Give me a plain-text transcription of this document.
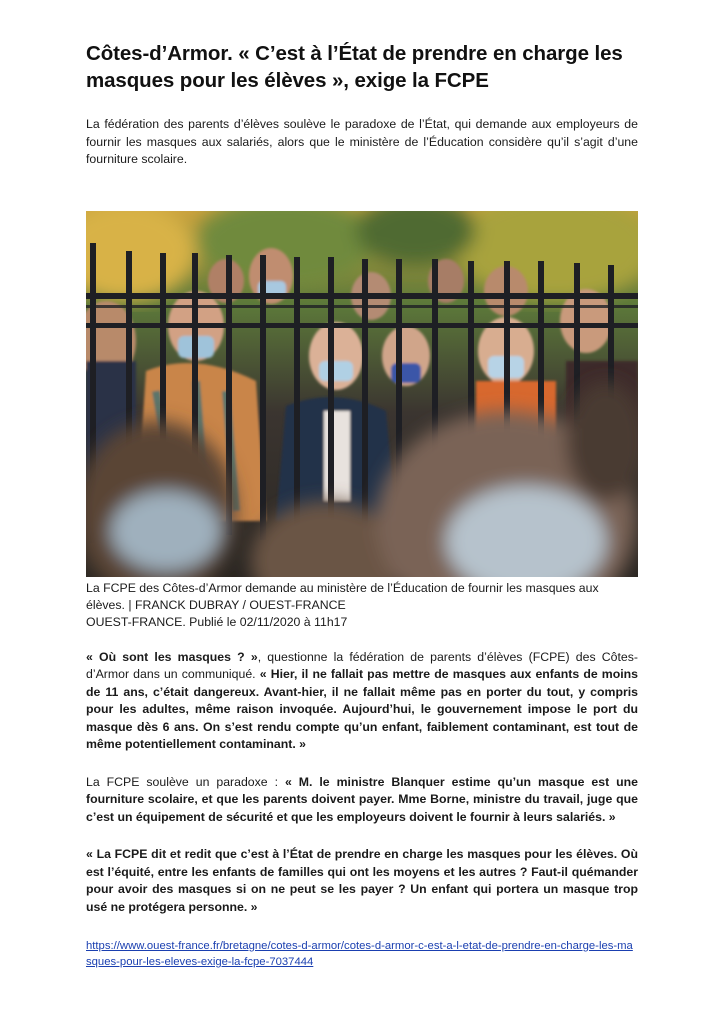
Côtes-d’Armor. « C’est à l’État de prendre en charge les masques pour les élèves », exige la FCPE

La fédération des parents d’élèves soulève le paradoxe de l’État, qui demande aux employeurs de fournir les masques aux salariés, alors que le ministère de l’Éducation considère qu’il s’agit d’une fourniture scolaire.

La FCPE des Côtes-d’Armor demande au ministère de l’Éducation de fournir les masques aux élèves. | FRANCK DUBRAY / OUEST-FRANCE
OUEST-FRANCE. Publié le 02/11/2020 à 11h17

« Où sont les masques ? », questionne la fédération de parents d’élèves (FCPE) des Côtes-d’Armor dans un communiqué. « Hier, il ne fallait pas mettre de masques aux enfants de moins de 11 ans, c’était dangereux. Avant-hier, il ne fallait même pas en porter du tout, y compris pour les adultes, même raison invoquée. Aujourd’hui, le gouvernement impose le port du masque dès 6 ans. On s’est rendu compte qu’un enfant, faiblement contaminant, est tout de même potentiellement contaminant. »

La FCPE soulève un paradoxe : « M. le ministre Blanquer estime qu’un masque est une fourniture scolaire, et que les parents doivent payer. Mme Borne, ministre du travail, juge que c’est un équipement de sécurité et que les employeurs doivent le fournir à leurs salariés. »

« La FCPE dit et redit que c’est à l’État de prendre en charge les masques pour les élèves. Où est l’équité, entre les enfants de familles qui ont les moyens et les autres ? Faut-il quémander pour avoir des masques si on ne peut se les payer ? Un enfant qui portera un masque trop usé ne protégera personne. »

https://www.ouest-france.fr/bretagne/cotes-d-armor/cotes-d-armor-c-est-a-l-etat-de-prendre-en-charge-les-masques-pour-les-eleves-exige-la-fcpe-7037444
